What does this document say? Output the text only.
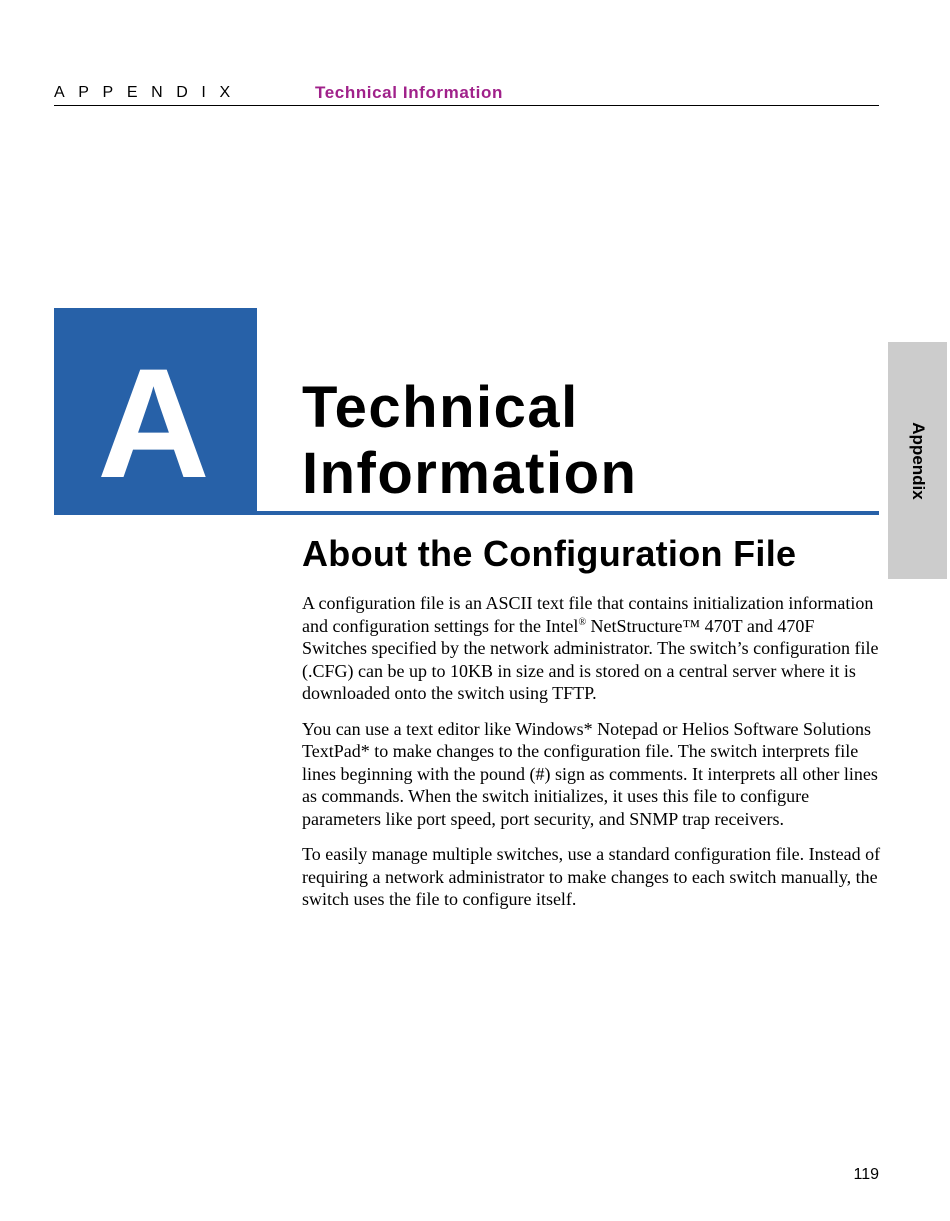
APPENDIX	Technical Information
A	Technical
Information	Appendix
About the Configuration File

A configuration file is an ASCII text file that contains initialization information and configuration settings for the Intel® NetStructure™ 470T and 470F Switches specified by the network administrator. The switch’s configuration file (.CFG) can be up to 10KB in size and is stored on a central server where it is downloaded onto the switch using TFTP.

You can use a text editor like Windows* Notepad or Helios Software Solutions TextPad* to make changes to the configuration file. The switch interprets file lines beginning with the pound (#) sign as comments. It interprets all other lines as commands. When the switch initializes, it uses this file to configure parameters like port speed, port security, and SNMP trap receivers.

To easily manage multiple switches, use a standard configuration file. Instead of requiring a network administrator to make changes to each switch manually, the switch uses the file to configure itself.

119
